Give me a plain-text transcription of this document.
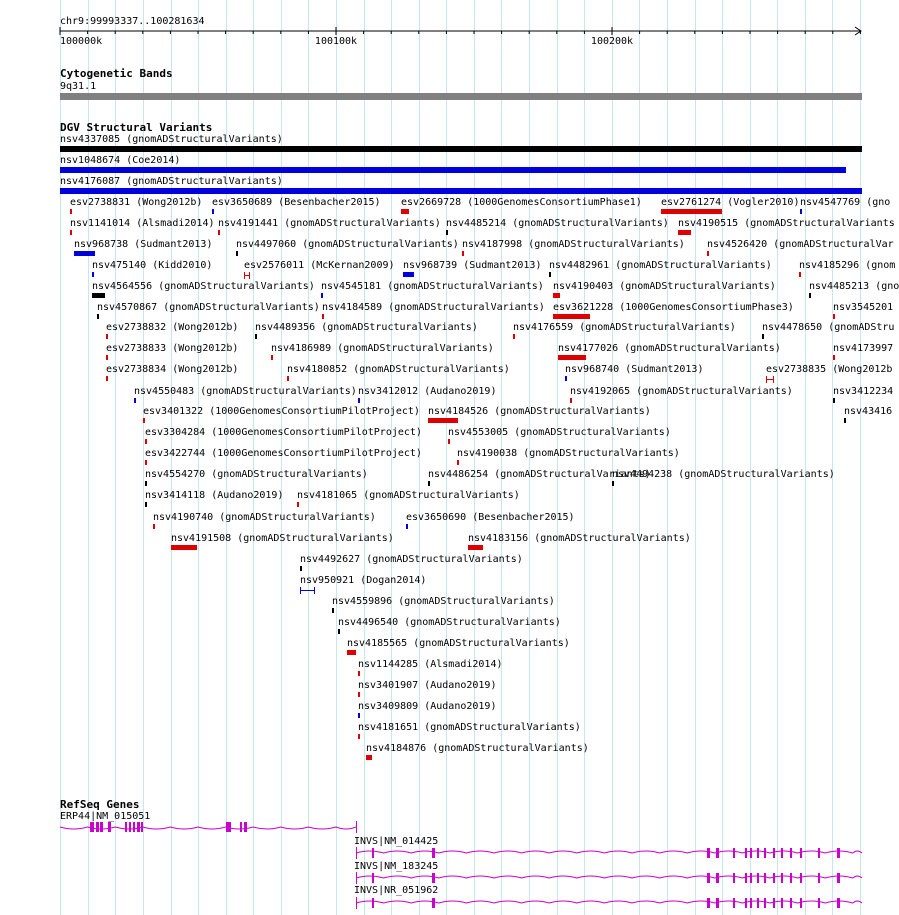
chr9:99993337..100281634
100000k	100100k	100200k
Cytogenetic Bands
9q31.1
DGV Structural Variants
nsv4337085 (gnomADStructuralVariants)
nsv1048674 (Coe2014)
nsv4176087 (gnomADStructuralVariants)
esv2738831 (Wong2012b) esv3650689 (Besenbacher2015) esv2669728 (1000GenomesConsortiumPhase1) esv2761274 (Vogler2010) nsv4547769 (gno
nsv1141014 (Alsmadi2014) nsv4191441 (gnomADStructuralVariants) nsv4485214 (gnomADStructuralVariants) nsv4190515 (gnomADStructuralVariants
nsv968738 (Sudmant2013) nsv4497060 (gnomADStructuralVariants) nsv4187998 (gnomADStructuralVariants) nsv4526420 (gnomADStructuralVar
nsv475140 (Kidd2010)	esv2576011 (McKernan2009) nsv968739 (Sudmant2013) nsv4482961 (gnomADStructuralVariants)	nsv4185296 (gnom
nsv4564556 (gnomADStructuralVariants) nsv4545181 (gnomADStructuralVariants) nsv4190403 (gnomADStructuralVariants)	nsv4485213 (gno
nsv4570867 (gnomADStructuralVariants) nsv4184589 (gnomADStructuralVariants) esv3621228 (1000GenomesConsortiumPhase3)	nsv3545201
esv2738832 (Wong2012b) nsv4489356 (gnomADStructuralVariants)	nsv4176559 (gnomADStructuralVariants)	nsv4478650 (gnomADStru
esv2738833 (Wong2012b)	nsv4186989 (gnomADStructuralVariants)	nsv4177026 (gnomADStructuralVariants)	nsv4173997
esv2738834 (Wong2012b)	nsv4180852 (gnomADStructuralVariants)	nsv968740 (Sudmant2013)	esv2738835 (Wong2012b
nsv4550483 (gnomADStructuralVariants) nsv3412012 (Audano2019)	nsv4192065 (gnomADStructuralVariants)	nsv3412234
esv3401322 (1000GenomesConsortiumPilotProject) nsv4184526 (gnomADStructuralVariants)	nsv43416
esv3304284 (1000GenomesConsortiumPilotProject)	nsv4553005 (gnomADStructuralVariants)
esv3422744 (1000GenomesConsortiumPilotProject)	nsv4190038 (gnomADStructuralVariants)
nsv4554270 (gnomADStructuralVariants)	nsv4486254 (gnomADStructuralVariants)
nsv4494238 (gnomADStructuralVariants)
nsv3414118 (Audano2019) nsv4181065 (gnomADStructuralVariants)
nsv4190740 (gnomADStructuralVariants)	esv3650690 (Besenbacher2015)
nsv4191508 (gnomADStructuralVariants)	nsv4183156 (gnomADStructuralVariants)
nsv4492627 (gnomADStructuralVariants)
nsv950921 (Dogan2014)
nsv4559896 (gnomADStructuralVariants)
nsv4496540 (gnomADStructuralVariants)
nsv4185565 (gnomADStructuralVariants)
nsv1144285 (Alsmadi2014)
nsv3401907 (Audano2019)
nsv3409809 (Audano2019)
nsv4181651 (gnomADStructuralVariants)
nsv4184876 (gnomADStructuralVariants)
RefSeq Genes
ERP44|NM_015051
INVS|NM_014425
INVS|NM_183245
INVS|NR_051962
